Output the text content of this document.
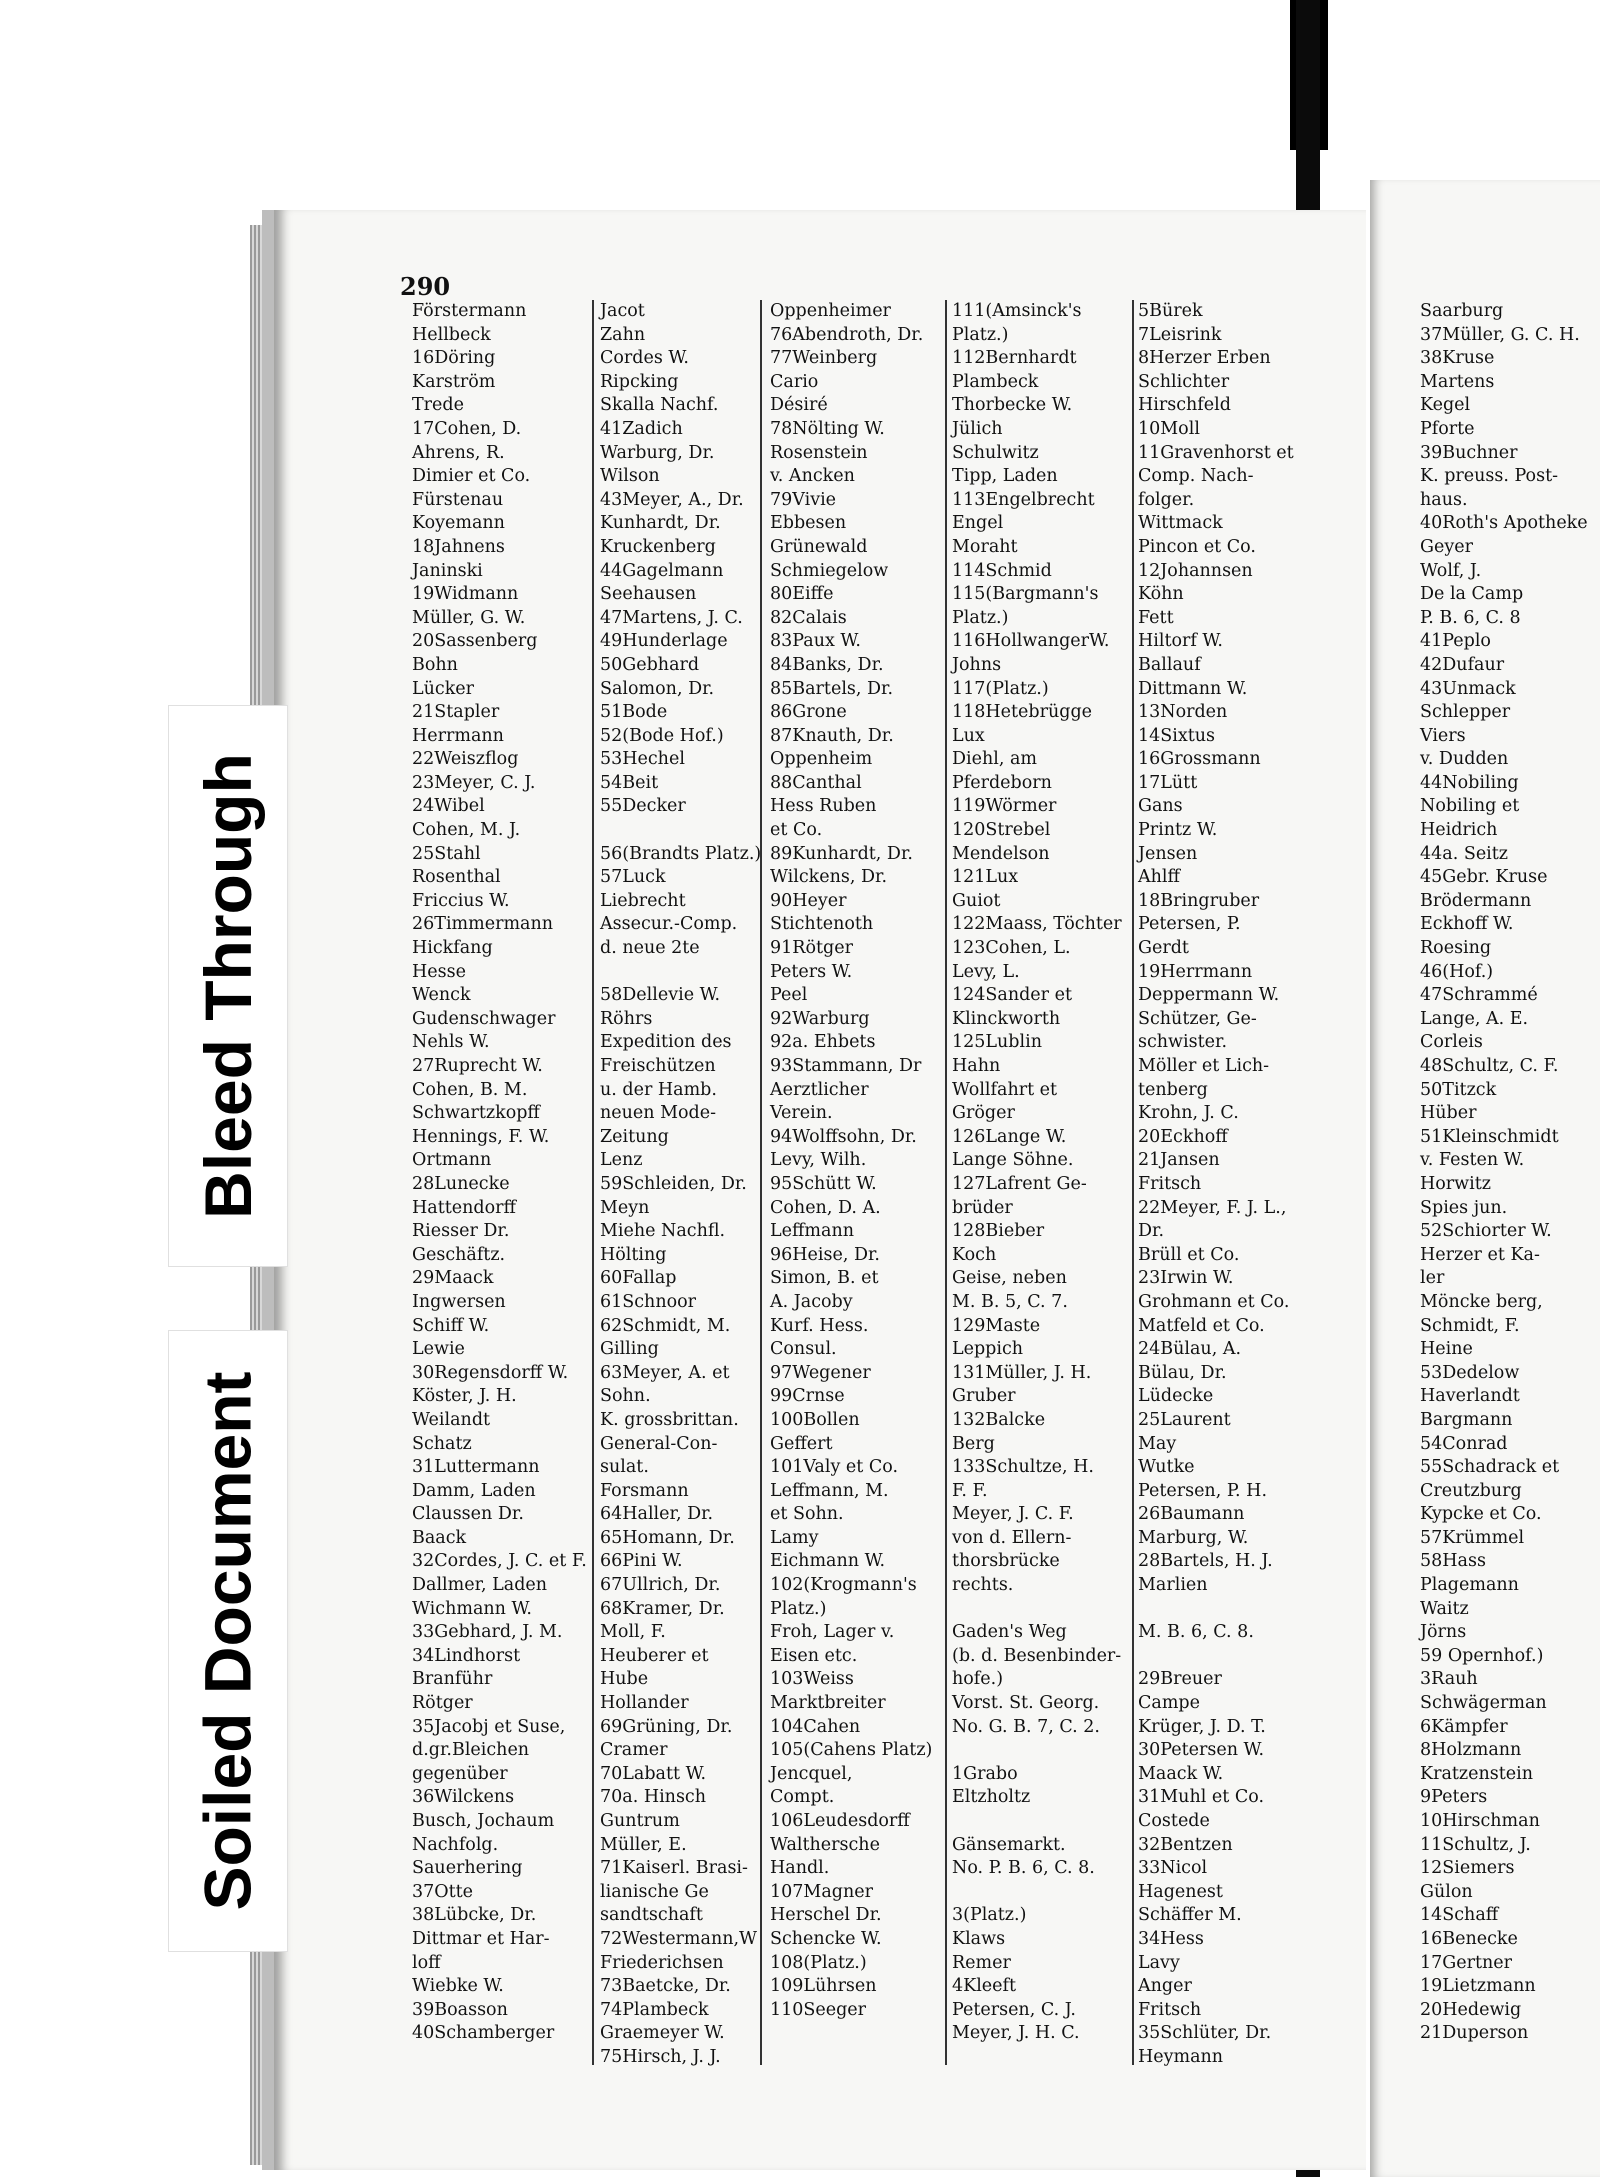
290
Förstermann
Hellbeck
16Döring
Karström
Trede
17Cohen, D.
Ahrens, R.
Dimier et Co.
Fürstenau
Koyemann
18Jahnens
Janinski
19Widmann
Müller, G. W.
20Sassenberg
Bohn
Lücker
21Stapler
Herrmann
22Weiszflog
23Meyer, C. J.
24Wibel
Cohen, M. J.
25Stahl
Rosenthal
Friccius W.
26Timmermann
Hickfang
Hesse
Wenck
Gudenschwager
Nehls W.
27Ruprecht W.
Cohen, B. M.
Schwartzkopff
Hennings, F. W.
Ortmann
28Lunecke
Hattendorff
Riesser Dr.
Geschäftz.
29Maack
Ingwersen
Schiff W.
Lewie
30Regensdorff W.
Köster, J. H.
Weilandt
Schatz
31Luttermann
Damm, Laden
Claussen Dr.
Baack
32Cordes, J. C. et F.
Dallmer, Laden
Wichmann W.
33Gebhard, J. M.
34Lindhorst
Branführ
Rötger
35Jacobj et Suse,
d.gr.Bleichen
gegenüber
36Wilckens
Busch, Jochaum
Nachfolg.
Sauerhering
37Otte
38Lübcke, Dr.
Dittmar et Har-
loff
Wiebke W.
39Boasson
40Schamberger
Jacot
Zahn
Cordes W.
Ripcking
Skalla Nachf.
41Zadich
Warburg, Dr.
Wilson
43Meyer, A., Dr.
Kunhardt, Dr.
Kruckenberg
44Gagelmann
Seehausen
47Martens, J. C.
49Hunderlage
50Gebhard
Salomon, Dr.
51Bode
52(Bode Hof.)
53Hechel
54Beit
55Decker
56(Brandts Platz.)
57Luck
Liebrecht
Assecur.-Comp.
d. neue 2te
58Dellevie W.
Röhrs
Expedition des
Freischützen
u. der Hamb.
neuen Mode-
Zeitung
Lenz
59Schleiden, Dr.
Meyn
Miehe Nachfl.
Hölting
60Fallap
61Schnoor
62Schmidt, M.
Gilling
63Meyer, A. et
Sohn.
K. grossbrittan.
General-Con-
sulat.
Forsmann
64Haller, Dr.
65Homann, Dr.
66Pini W.
67Ullrich, Dr.
68Kramer, Dr.
Moll, F.
Heuberer et
Hube
Hollander
69Grüning, Dr.
Cramer
70Labatt W.
70a. Hinsch
Guntrum
Müller, E.
71Kaiserl. Brasi-
lianische Ge
sandtschaft
72Westermann,W
Friederichsen
73Baetcke, Dr.
74Plambeck
Graemeyer W.
75Hirsch, J. J.
Oppenheimer
76Abendroth, Dr.
77Weinberg
Cario
Désiré
78Nölting W.
Rosenstein
v. Ancken
79Vivie
Ebbesen
Grünewald
Schmiegelow
80Eiffe
82Calais
83Paux W.
84Banks, Dr.
85Bartels, Dr.
86Grone
87Knauth, Dr.
Oppenheim
88Canthal
Hess Ruben
et Co.
89Kunhardt, Dr.
Wilckens, Dr.
90Heyer
Stichtenoth
91Rötger
Peters W.
Peel
92Warburg
92a. Ehbets
93Stammann, Dr
Aerztlicher
Verein.
94Wolffsohn, Dr.
Levy, Wilh.
95Schütt W.
Cohen, D. A.
Leffmann
96Heise, Dr.
Simon, B. et
A. Jacoby
Kurf. Hess.
Consul.
97Wegener
99Crnse
100Bollen
Geffert
101Valy et Co.
Leffmann, M.
et Sohn.
Lamy
Eichmann W.
102(Krogmann's
Platz.)
Froh, Lager v.
Eisen etc.
103Weiss
Marktbreiter
104Cahen
105(Cahens Platz)
Jencquel,
Compt.
106Leudesdorff
Walthersche
Handl.
107Magner
Herschel Dr.
Schencke W.
108(Platz.)
109Lührsen
110Seeger
111(Amsinck's
Platz.)
112Bernhardt
Plambeck
Thorbecke W.
Jülich
Schulwitz
Tipp, Laden
113Engelbrecht
Engel
Moraht
114Schmid
115(Bargmann's
Platz.)
116HollwangerW.
Johns
117(Platz.)
118Hetebrügge
Lux
Diehl, am
Pferdeborn
119Wörmer
120Strebel
Mendelson
121Lux
Guiot
122Maass, Töchter
123Cohen, L.
Levy, L.
124Sander et
Klinckworth
125Lublin
Hahn
Wollfahrt et
Gröger
126Lange W.
Lange Söhne.
127Lafrent Ge-
brüder
128Bieber
Koch
Geise, neben
M. B. 5, C. 7.
129Maste
Leppich
131Müller, J. H.
Gruber
132Balcke
Berg
133Schultze, H.
F. F.
Meyer, J. C. F.
von d. Ellern-
thorsbrücke
rechts.
Gaden's Weg
(b. d. Besenbinder-
hofe.)
Vorst. St. Georg.
No. G. B. 7, C. 2.
1Grabo
Eltzholtz
Gänsemarkt.
No. P. B. 6, C. 8.
3(Platz.)
Klaws
Remer
4Kleeft
Petersen, C. J.
Meyer, J. H. C.
5Bürek
7Leisrink
8Herzer Erben
Schlichter
Hirschfeld
10Moll
11Gravenhorst et
Comp. Nach-
folger.
Wittmack
Pincon et Co.
12Johannsen
Köhn
Fett
Hiltorf W.
Ballauf
Dittmann W.
13Norden
14Sixtus
16Grossmann
17Lütt
Gans
Printz W.
Jensen
Ahlff
18Bringruber
Petersen, P.
Gerdt
19Herrmann
Deppermann W.
Schützer, Ge-
schwister.
Möller et Lich-
tenberg
Krohn, J. C.
20Eckhoff
21Jansen
Fritsch
22Meyer, F. J. L.,
Dr.
Brüll et Co.
23Irwin W.
Grohmann et Co.
Matfeld et Co.
24Bülau, A.
Bülau, Dr.
Lüdecke
25Laurent
May
Wutke
Petersen, P. H.
26Baumann
Marburg, W.
28Bartels, H. J.
Marlien
M. B. 6, C. 8.
29Breuer
Campe
Krüger, J. D. T.
30Petersen W.
Maack W.
31Muhl et Co.
Costede
32Bentzen
33Nicol
Hagenest
Schäffer M.
34Hess
Lavy
Anger
Fritsch
35Schlüter, Dr.
Heymann
Saarburg
37Müller, G. C. H.
38Kruse
Martens
Kegel
Pforte
39Buchner
K. preuss. Post-
haus.
40Roth's Apotheke
Geyer
Wolf, J.
De la Camp
P. B. 6, C. 8
41Peplo
42Dufaur
43Unmack
Schlepper
Viers
v. Dudden
44Nobiling
Nobiling et
Heidrich
44a. Seitz
45Gebr. Kruse
Brödermann
Eckhoff W.
Roesing
46(Hof.)
47Schrammé
Lange, A. E.
Corleis
48Schultz, C. F.
50Titzck
Hüber
51Kleinschmidt
v. Festen W.
Horwitz
Spies jun.
52Schiorter W.
Herzer et Ka-
ler
Möncke berg,
Schmidt, F.
Heine
53Dedelow
Haverlandt
Bargmann
54Conrad
55Schadrack et
Creutzburg
Kypcke et Co.
57Krümmel
58Hass
Plagemann
Waitz
Jörns
59 Opernhof.)
3Rauh
Schwägerman
6Kämpfer
8Holzmann
Kratzenstein
9Peters
10Hirschman
11Schultz, J.
12Siemers
Gülon
14Schaff
16Benecke
17Gertner
19Lietzmann
20Hedewig
21Duperson
Bleed Through
Soiled Document
